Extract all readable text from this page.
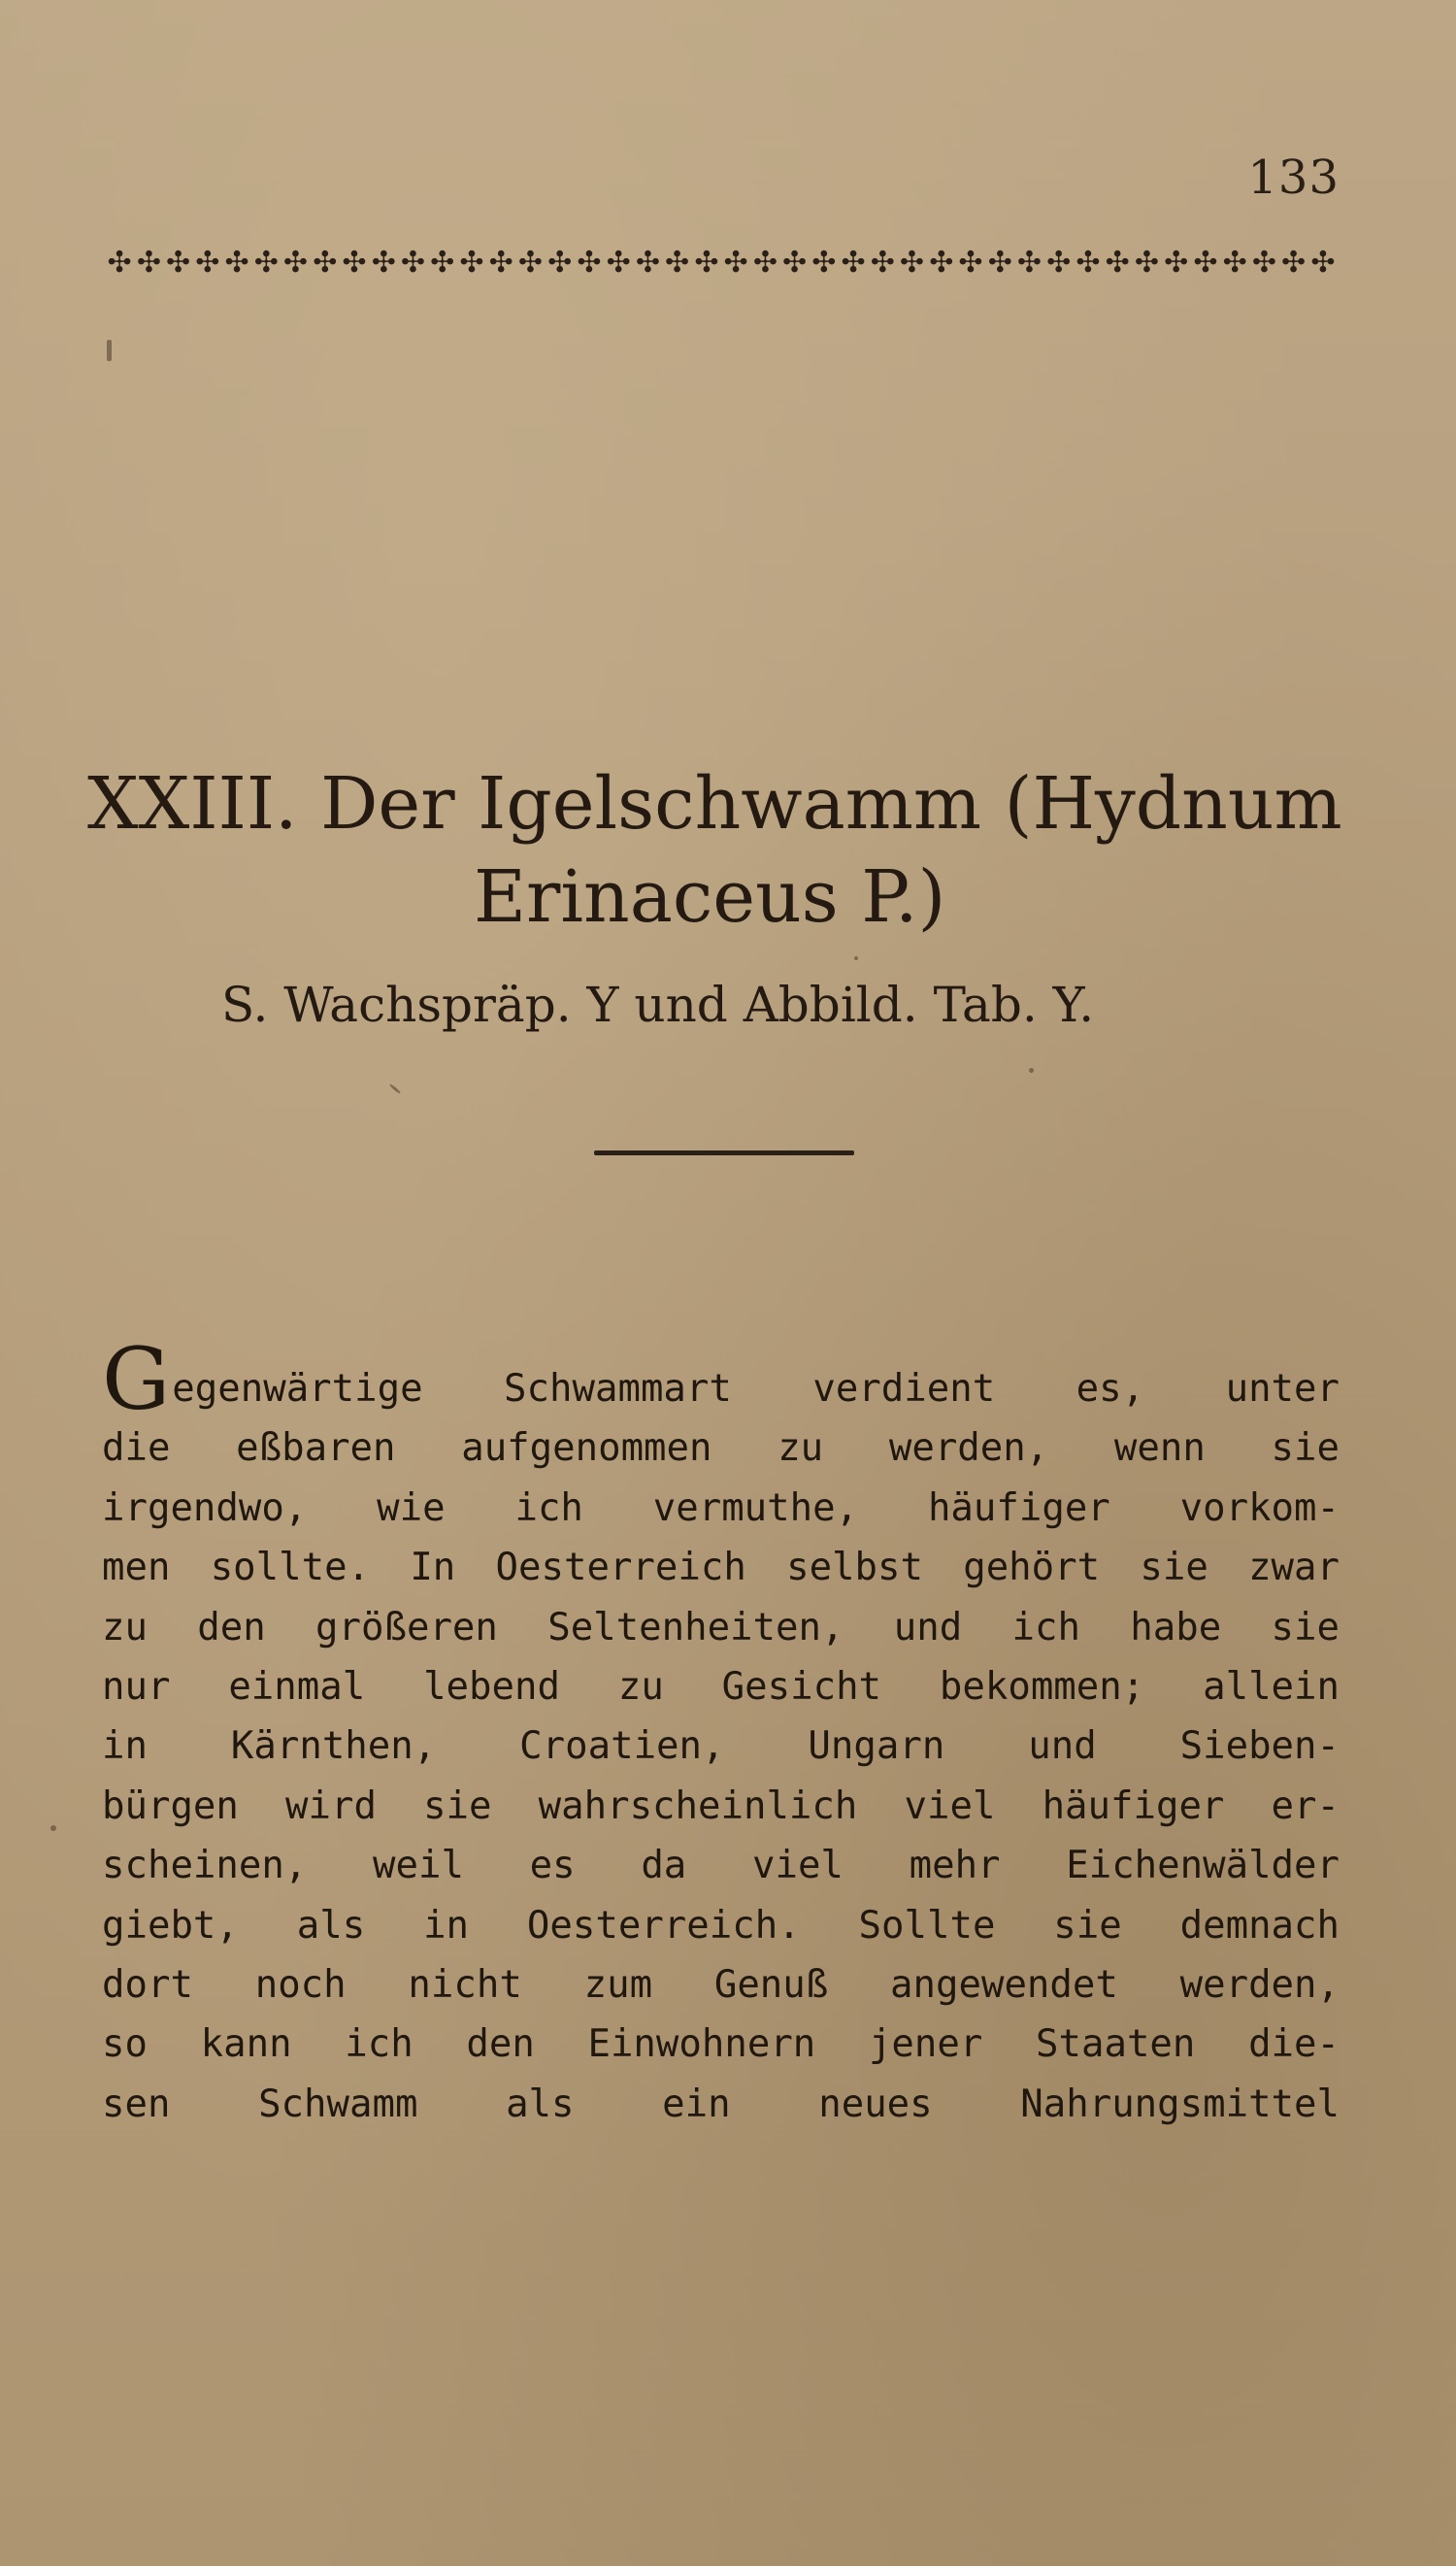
133
✣ ✣ ✣ ✣ ✣ ✣ ✣ ✣ ✣ ✣ ✣ ✣ ✣ ✣ ✣ ✣ ✣ ✣ ✣ ✣ ✣ ✣ ✣ ✣ ✣ ✣ ✣ ✣ ✣ ✣ ✣ ✣ ✣ ✣ ✣ ✣ ✣ ✣ ✣ ✣ ✣ ✣
XXIII. Der Igelschwamm (Hydnum
Erinaceus P.)
S. Wachspräp. Y und Abbild. Tab. Y.
Gegenwärtige Schwammart verdient es, unter
die eßbaren aufgenommen zu werden, wenn sie
irgendwo, wie ich vermuthe, häufiger vorkom-
men sollte. In Oesterreich selbst gehört sie zwar
zu den größeren Seltenheiten, und ich habe sie
nur einmal lebend zu Gesicht bekommen; allein
in Kärnthen, Croatien, Ungarn und Sieben-
bürgen wird sie wahrscheinlich viel häufiger er-
scheinen, weil es da viel mehr Eichenwälder
giebt, als in Oesterreich. Sollte sie demnach
dort noch nicht zum Genuß angewendet werden,
so kann ich den Einwohnern jener Staaten die-
sen Schwamm als ein neues Nahrungsmittel
